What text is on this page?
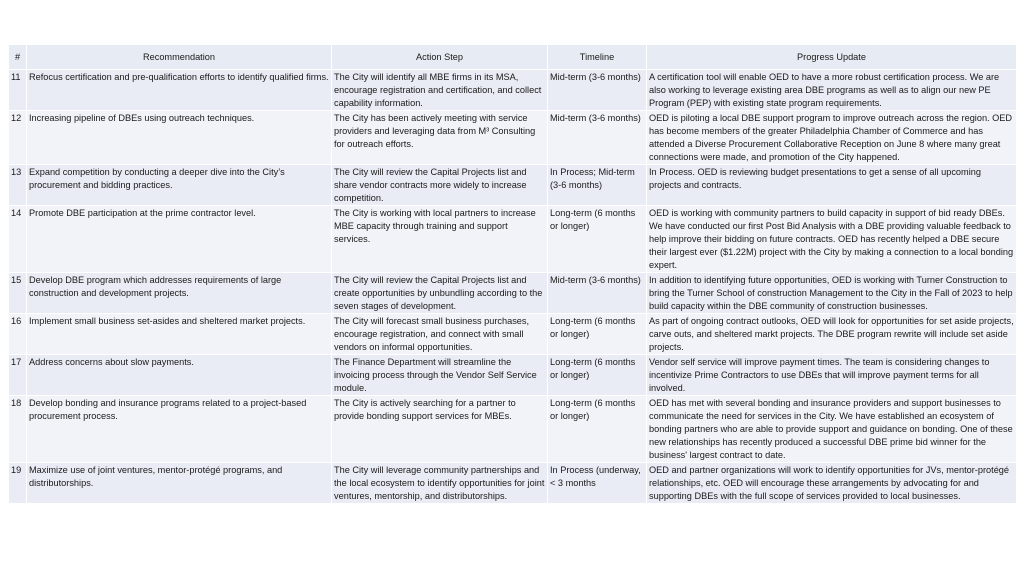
#	Recommendation	Action Step	Timeline	Progress Update
11	Refocus certification and pre-qualification efforts to identify qualified firms.	The City will identify all MBE firms in its MSA, encourage registration and certification, and collect capability information.	Mid-term (3-6 months)	A certification tool will enable OED to have a more robust certification process. We are also working to leverage existing area DBE programs as well as to align our new PE Program (PEP) with existing state program requirements.
12	Increasing pipeline of DBEs using outreach techniques.	The City has been actively meeting with service providers and leveraging data from M³ Consulting for outreach efforts.	Mid-term (3-6 months)	OED is piloting a local DBE support program to improve outreach across the region. OED has become members of the greater Philadelphia Chamber of Commerce and has attended a Diverse Procurement Collaborative Reception on June 8 where many great connections were made, and promotion of the City happened.
13	Expand competition by conducting a deeper dive into the City’s procurement and bidding practices.	The City will review the Capital Projects list and share vendor contracts more widely to increase competition.	In Process; Mid-term (3-6 months)	In Process. OED is reviewing budget presentations to get a sense of all upcoming projects and contracts.
14	Promote DBE participation at the prime contractor level.	The City is working with local partners to increase MBE capacity through training and support services.	Long-term (6 months or longer)	OED is working with community partners to build capacity in support of bid ready DBEs. We have conducted our first Post Bid Analysis with a DBE providing valuable feedback to help improve their bidding on future contracts. OED has recently helped a DBE secure their largest ever ($1.22M) project with the City by making a connection to a local bonding expert.
15	Develop DBE program which addresses requirements of large construction and development projects.	The City will review the Capital Projects list and create opportunities by unbundling according to the seven stages of development.	Mid-term (3-6 months)	In addition to identifying future opportunities, OED is working with Turner Construction to bring the Turner School of construction Management to the City in the Fall of 2023 to help build capacity within the DBE community of construction businesses.
16	Implement small business set-asides and sheltered market projects.	The City will forecast small business purchases, encourage registration, and connect with small vendors on informal opportunities.	Long-term (6 months or longer)	As part of ongoing contract outlooks, OED will look for opportunities for set aside projects, carve outs, and sheltered markt projects. The DBE program rewrite will include set aside projects.
17	Address concerns about slow payments.	The Finance Department will streamline the invoicing process through the Vendor Self Service module.	Long-term (6 months or longer)	Vendor self service will improve payment times. The team is considering changes to incentivize Prime Contractors to use DBEs that will improve payment terms for all involved.
18	Develop bonding and insurance programs related to a project-based procurement process.	The City is actively searching for a partner to provide bonding support services for MBEs.	Long-term (6 months or longer)	OED has met with several bonding and insurance providers and support businesses to communicate the need for services in the City. We have established an ecosystem of bonding partners who are able to provide support and guidance on bonding. One of these new relationships has recently produced a successful DBE prime bid winner for the business' largest contract to date.
19	Maximize use of joint ventures, mentor-protégé programs, and distributorships.	The City will leverage community partnerships and the local ecosystem to identify opportunities for joint ventures, mentorship, and distributorships.	In Process (underway, < 3 months	OED and partner organizations will work to identify opportunities for JVs, mentor-protégé relationships, etc. OED will encourage these arrangements by advocating for and supporting DBEs with the full scope of services provided to local businesses.
